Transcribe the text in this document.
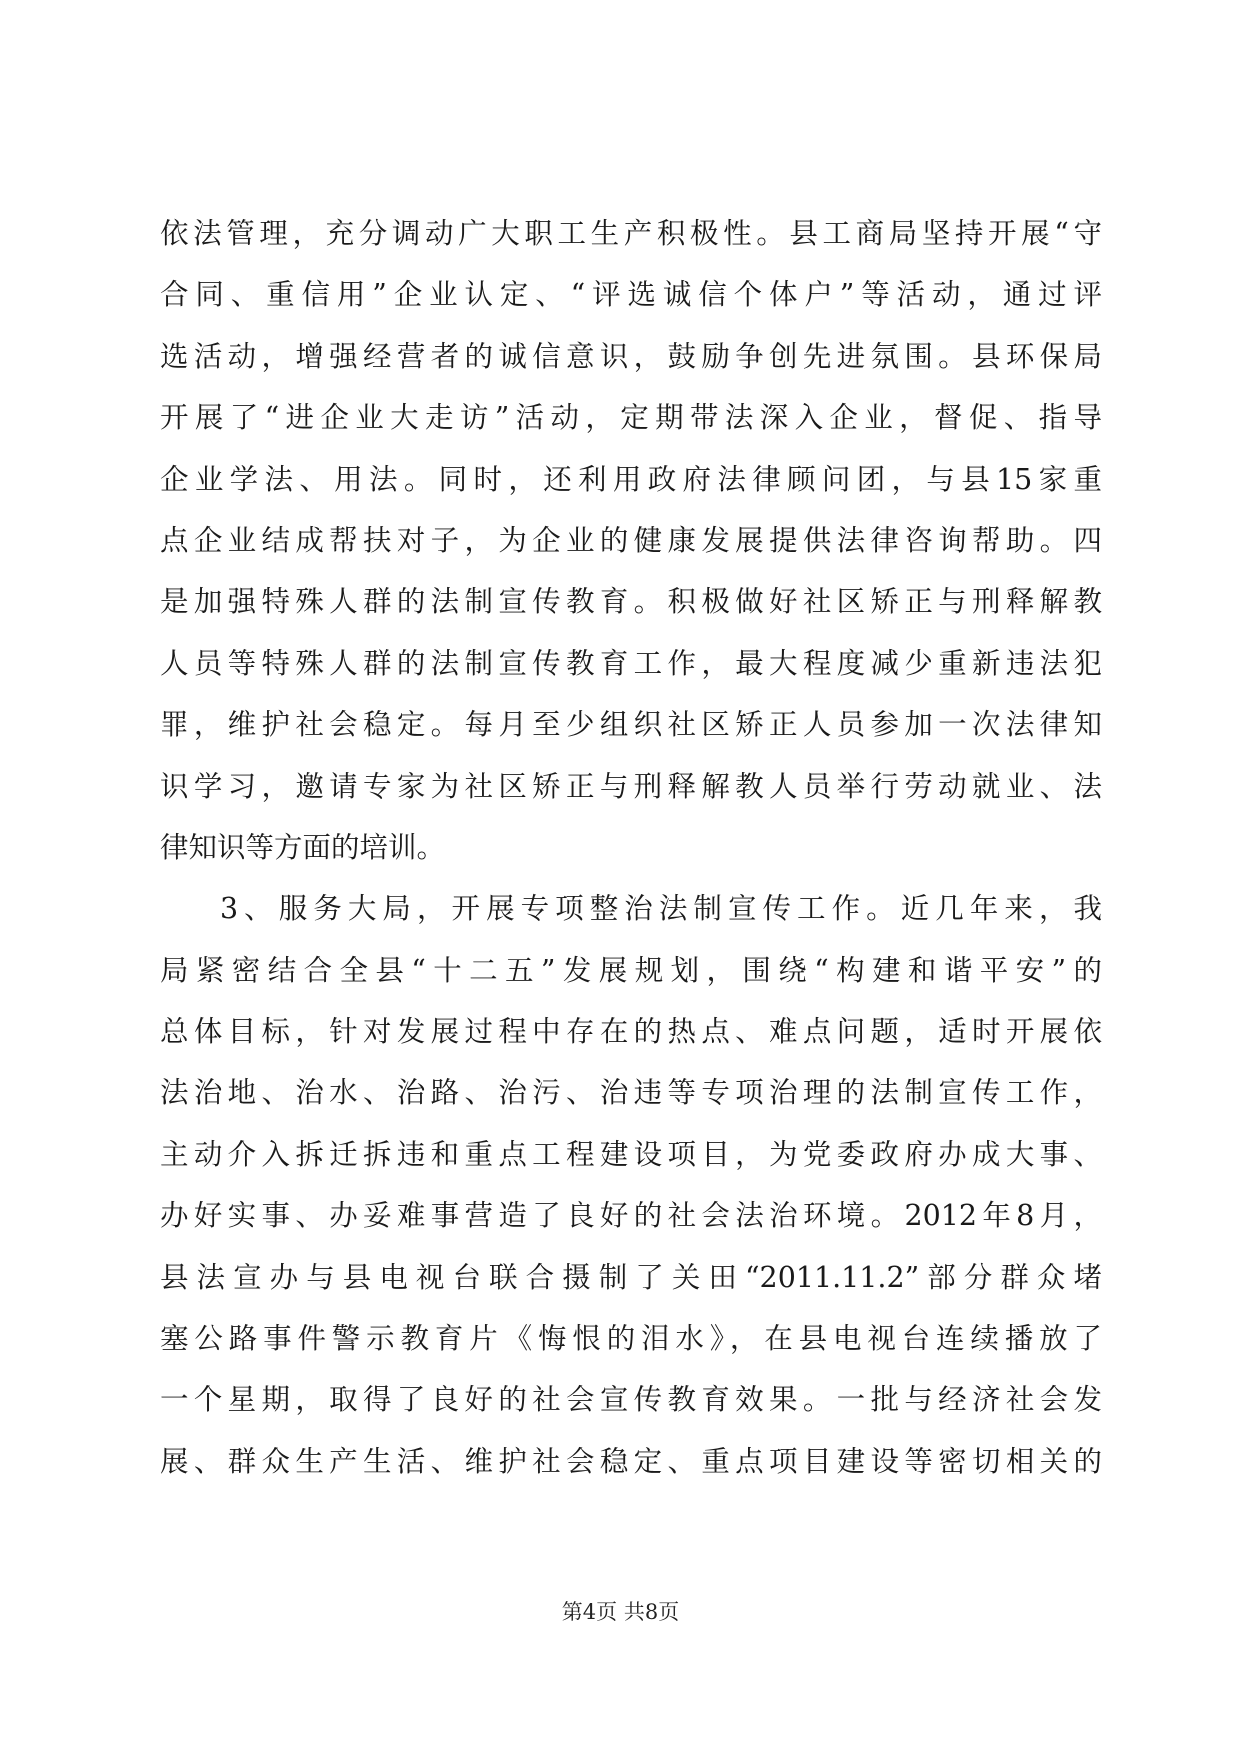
依法管理，充分调动广大职工生产积极性。县工商局坚持开展“守
合同、重信用”企业认定、“评选诚信个体户”等活动，通过评
选活动，增强经营者的诚信意识，鼓励争创先进氛围。县环保局
开展了“进企业大走访”活动，定期带法深入企业，督促、指导
企业学法、用法。同时，还利用政府法律顾问团，与县15家重
点企业结成帮扶对子，为企业的健康发展提供法律咨询帮助。四
是加强特殊人群的法制宣传教育。积极做好社区矫正与刑释解教
人员等特殊人群的法制宣传教育工作，最大程度减少重新违法犯
罪，维护社会稳定。每月至少组织社区矫正人员参加一次法律知
识学习，邀请专家为社区矫正与刑释解教人员举行劳动就业、法
律知识等方面的培训。
3、服务大局，开展专项整治法制宣传工作。近几年来，我
局紧密结合全县“十二五”发展规划，围绕“构建和谐平安”的
总体目标，针对发展过程中存在的热点、难点问题，适时开展依
法治地、治水、治路、治污、治违等专项治理的法制宣传工作，
主动介入拆迁拆违和重点工程建设项目，为党委政府办成大事、
办好实事、办妥难事营造了良好的社会法治环境。2012年8月，
县法宣办与县电视台联合摄制了关田“2011.11.2”部分群众堵
塞公路事件警示教育片《悔恨的泪水》，在县电视台连续播放了
一个星期，取得了良好的社会宣传教育效果。一批与经济社会发
展、群众生产生活、维护社会稳定、重点项目建设等密切相关的
第4页 共8页
